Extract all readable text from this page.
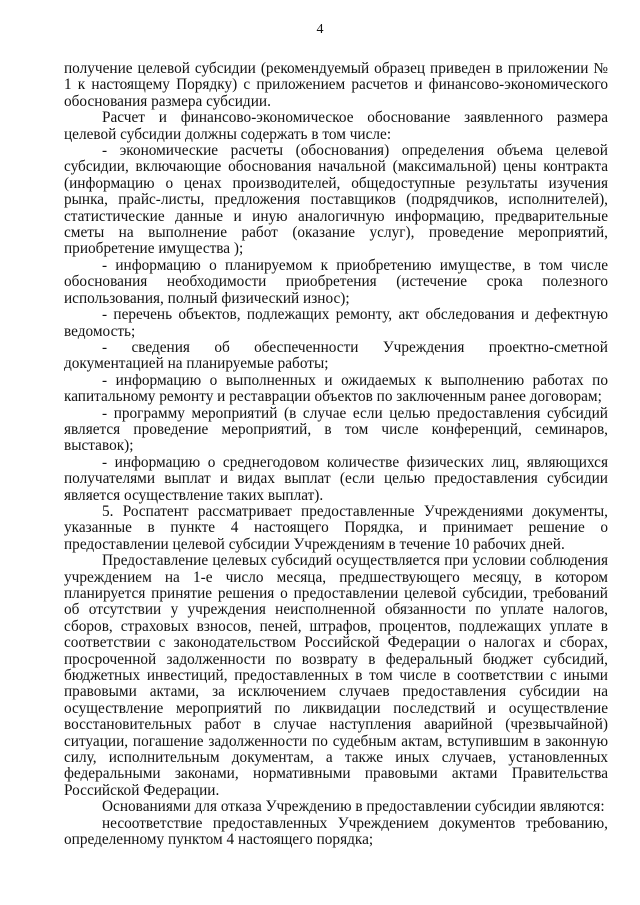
4

получение целевой субсидии (рекомендуемый образец приведен в приложении № 1 к настоящему Порядку) с приложением расчетов и финансово-экономического обоснования размера субсидии.

Расчет и финансово-экономическое обоснование заявленного размера целевой субсидии должны содержать в том числе:

- экономические расчеты (обоснования) определения объема целевой субсидии, включающие обоснования начальной (максимальной) цены контракта (информацию о ценах производителей, общедоступные результаты изучения рынка, прайс-листы, предложения поставщиков (подрядчиков, исполнителей), статистические данные и иную аналогичную информацию, предварительные сметы на выполнение работ (оказание услуг), проведение мероприятий, приобретение имущества );

- информацию о планируемом к приобретению имуществе, в том числе обоснования необходимости приобретения (истечение срока полезного использования, полный физический износ);

- перечень объектов, подлежащих ремонту, акт обследования и дефектную ведомость;

- сведения об обеспеченности Учреждения проектно-сметной документацией на планируемые работы;

- информацию о выполненных и ожидаемых к выполнению работах по капитальному ремонту и реставрации объектов по заключенным ранее договорам;

- программу мероприятий (в случае если целью предоставления субсидий является проведение мероприятий, в том числе конференций, семинаров, выставок);

- информацию о среднегодовом количестве физических лиц, являющихся получателями выплат и видах выплат (если целью предоставления субсидии является осуществление таких выплат).

5. Роспатент рассматривает предоставленные Учреждениями документы, указанные в пункте 4 настоящего Порядка, и принимает решение о предоставлении целевой субсидии Учреждениям в течение 10 рабочих дней.

Предоставление целевых субсидий осуществляется при условии соблюдения учреждением на 1-е число месяца, предшествующего месяцу, в котором планируется принятие решения о предоставлении целевой субсидии, требований об отсутствии у учреждения неисполненной обязанности по уплате налогов, сборов, страховых взносов, пеней, штрафов, процентов, подлежащих уплате в соответствии с законодательством Российской Федерации о налогах и сборах, просроченной задолженности по возврату в федеральный бюджет субсидий, бюджетных инвестиций, предоставленных в том числе в соответствии с иными правовыми актами, за исключением случаев предоставления субсидии на осуществление мероприятий по ликвидации последствий и осуществление восстановительных работ в случае наступления аварийной (чрезвычайной) ситуации, погашение задолженности по судебным актам, вступившим в законную силу, исполнительным документам, а также иных случаев, установленных федеральными законами, нормативными правовыми актами Правительства Российской Федерации.

Основаниями для отказа Учреждению в предоставлении субсидии являются:

несоответствие предоставленных Учреждением документов требованию, определенному пунктом 4 настоящего порядка;
